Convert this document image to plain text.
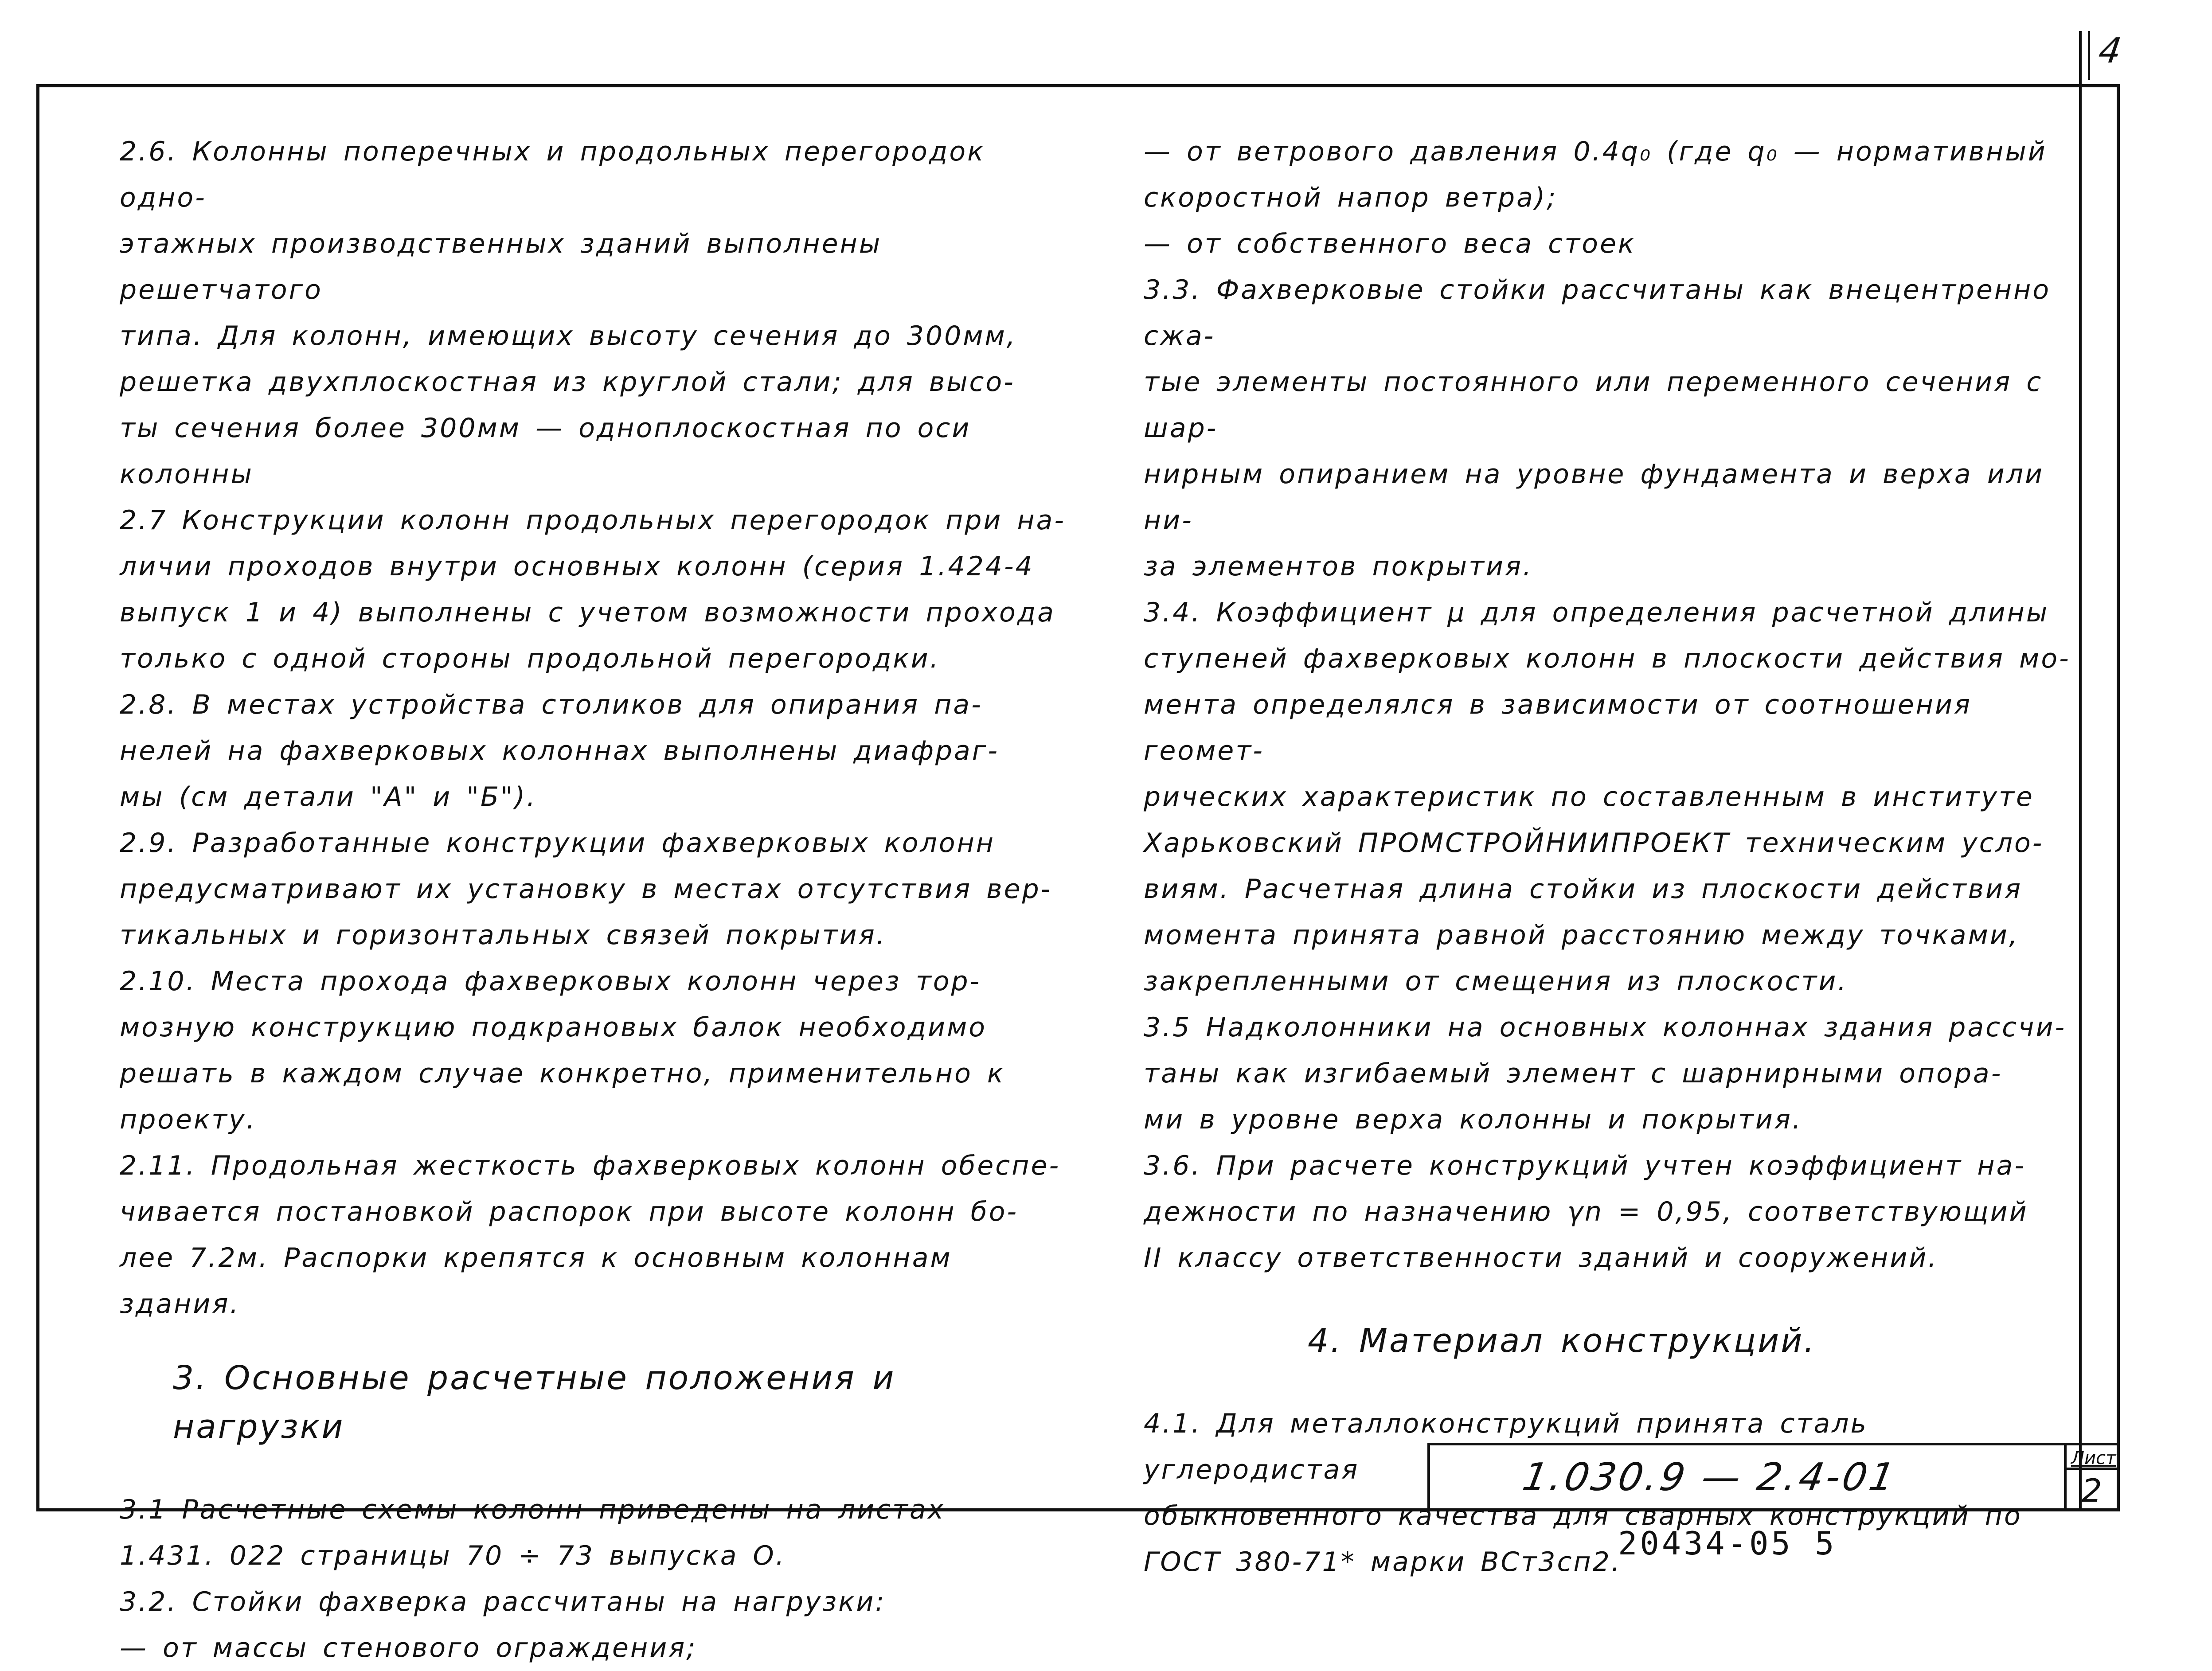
4

2.6. Колонны поперечных и продольных перегородок одно-
этажных производственных зданий выполнены решетчатого
типа. Для колонн, имеющих высоту сечения до 300мм,
решетка двухплоскостная из круглой стали; для высо-
ты сечения более 300мм — одноплоскостная по оси
колонны

2.7 Конструкции колонн продольных перегородок при на-
личии проходов внутри основных колонн (серия 1.424-4
выпуск 1 и 4) выполнены с учетом возможности прохода
только с одной стороны продольной перегородки.

2.8. В местах устройства столиков для опирания па-
нелей на фахверковых колоннах выполнены диафраг-
мы (см детали "А" и "Б").

2.9. Разработанные конструкции фахверковых колонн
предусматривают их установку в местах отсутствия вер-
тикальных и горизонтальных связей покрытия.

2.10. Места прохода фахверковых колонн через тор-
мозную конструкцию подкрановых балок необходимо
решать в каждом случае конкретно, применительно к
проекту.

2.11. Продольная жесткость фахверковых колонн обеспе-
чивается постановкой распорок при высоте колонн бо-
лее 7.2м. Распорки крепятся к основным колоннам
здания.

3. Основные расчетные положения и нагрузки

3.1 Расчетные схемы колонн приведены на листах
1.431. 022 страницы 70 ÷ 73 выпуска О.

3.2. Стойки фахверка рассчитаны на нагрузки:
— от массы стенового ограждения;

— от ветрового давления 0.4q₀ (где q₀ — нормативный
скоростной напор ветра);
— от собственного веса стоек

3.3. Фахверковые стойки рассчитаны как внецентренно сжа-
тые элементы постоянного или переменного сечения с шар-
нирным опиранием на уровне фундамента и верха или ни-
за элементов покрытия.

3.4. Коэффициент μ для определения расчетной длины
ступеней фахверковых колонн в плоскости действия мо-
мента определялся в зависимости от соотношения геомет-
рических характеристик по составленным в институте
Харьковский ПРОМСТРОЙНИИПРОЕКТ техническим усло-
виям. Расчетная длина стойки из плоскости действия
момента принята равной расстоянию между точками,
закрепленными от смещения из плоскости.

3.5 Надколонники на основных колоннах здания рассчи-
таны как изгибаемый элемент с шарнирными опора-
ми в уровне верха колонны и покрытия.

3.6. При расчете конструкций учтен коэффициент на-
дежности по назначению γn = 0,95, соответствующий
II классу ответственности зданий и сооружений.

4. Материал конструкций.

4.1. Для металлоконструкций принята сталь углеродистая
обыкновенного качества для сварных конструкций по
ГОСТ 380-71* марки ВСт3сп2.

1.030.9 — 2.4-01	Лист
2
20434-05 5
